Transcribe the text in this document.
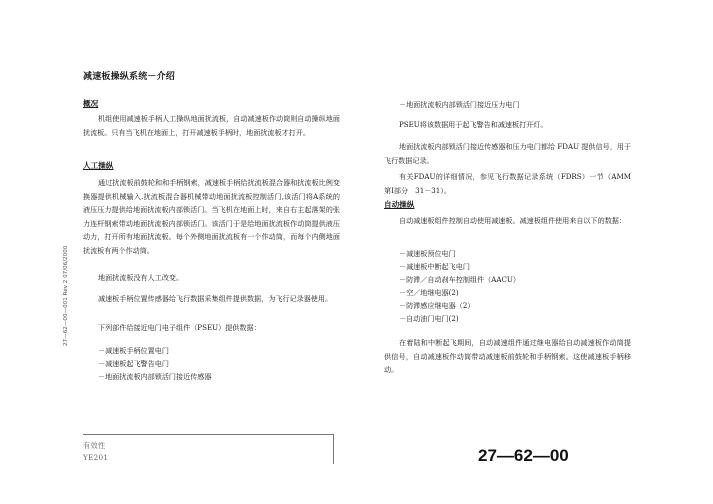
减速板操纵系统－介绍
概况
机组使用减速板手柄人工操纵地面扰流板，自动减速板作动筒则自动操纵地面扰流板。只有当飞机在地面上，打开减速板手柄时，地面扰流板才打开。
人工操纵
通过扰流板前鼓轮和和手柄钢索，减速板手柄给扰流板混合器和扰流板比例变换器提供机械输入.扰流板混合器机械带动地面扰流板控制活门,该活门将A系统的液压压力提供给地面扰流板内部锁活门。当飞机在地面上时，来自右主起落架的张力连杆钢索带动地面扰流板内部锁活门。该活门于是给地面扰流板作动筒提供液压动力，打开所有地面扰流板。每个外侧地面扰流板有一个作动筒，而每个内侧地面扰流板有两个作动筒。
地面扰流板没有人工改变。
减速板手柄位置传感器给飞行数据采集组件提供数据，为飞行记录器使用。
下列部件给接近电门电子组件（PSEU）提供数据：
－减速板手柄位置电门
－减速板起飞警告电门
－地面扰流板内部锁活门接近传感器
－地面扰流板内部锁活门接近压力电门
PSEU将该数据用于起飞警告和减速板打开灯。
地面扰流板内部锁活门接近传感器和压力电门都给 FDAU 提供信号，用于飞行数据记录。
有关FDAU的详细情况，参见飞行数据记录系统（FDRS）一节（AMM第Ⅰ部分　31－31）。
自动操纵
自动减速板组件控制自动使用减速板。减速板组件使用来自以下的数据：
－减速板预位电门
－减速板中断起飞电门
－防滞／自动刹车控制组件（AACU）
－空／地继电器(2)
－防滞感应继电器（2）
－自动油门电门(2)
在着陆和中断起飞期间，自动减速组件通过继电器给自动减速板作动筒提供信号，自动减速板作动筒带动减速板前鼓轮和手柄钢索。这使减速板手柄移动。
27—62—00—001 Rev 2 07/06/2000
有效性
YE201	27—62—00
